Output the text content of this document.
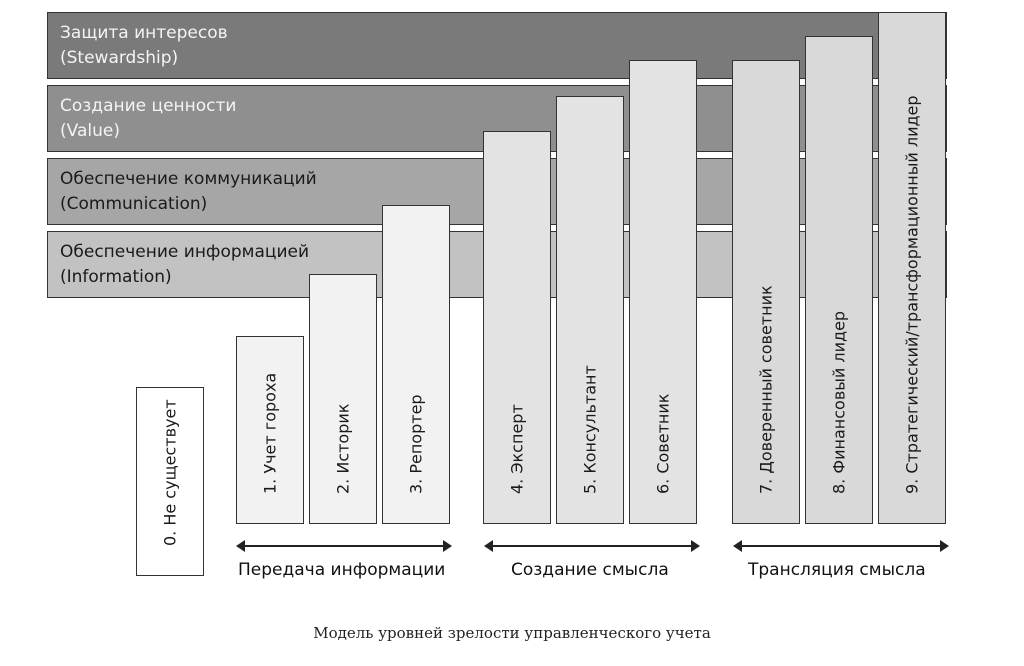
Защита интересов
(Stewardship)
Создание ценности
(Value)
Обеспечение коммуникаций
(Communication)
Обеспечение информацией
(Information)
0. Не существует	1. Учет гороха	2. Историк	3. Репортер	4. Эксперт	5. Консультант	6. Советник	7. Доверенный советник	8. Финансовый лидер	9. Стратегический/трансформационный лидер
Передача информации	Создание смысла	Трансляция смысла
Модель уровней зрелости управленческого учета
